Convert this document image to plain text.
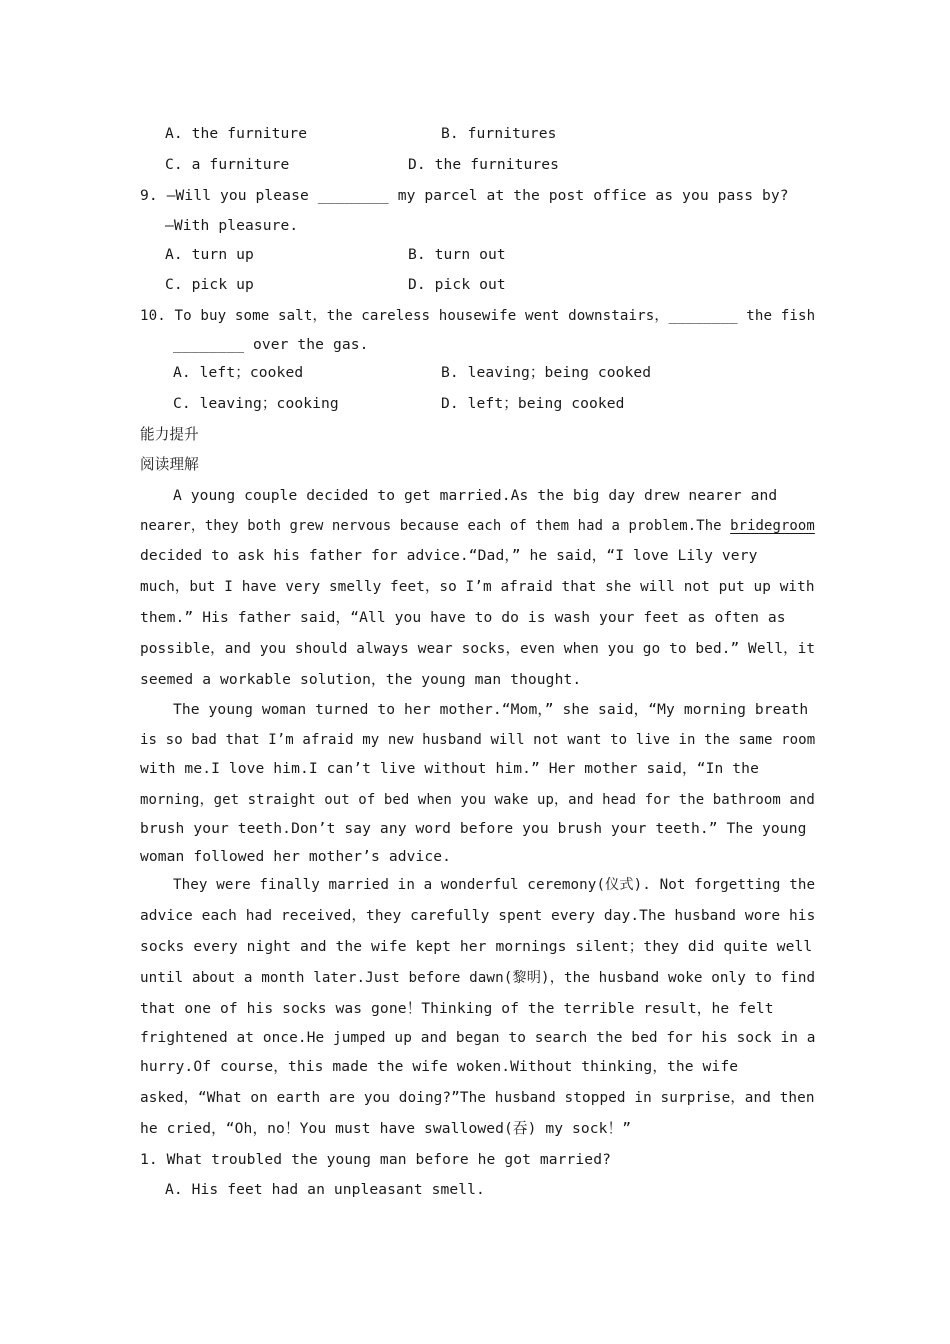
A. the furniture	B. furnitures
C. a furniture	D. the furnitures
9. —Will you please ________ my parcel at the post office as you pass by?
—With pleasure.
A. turn up	B. turn out
C. pick up	D. pick out
10. To buy some salt，the careless housewife went downstairs，________ the fish
________ over the gas.
A. left；cooked	B. leaving；being cooked
C. leaving；cooking	D. left；being cooked
能力提升
阅读理解
A young couple decided to get married.As the big day drew nearer and
nearer，they both grew nervous because each of them had a problem.The bridegroom
decided to ask his father for advice.“Dad，” he said，“I love Lily very
much，but I have very smelly feet，so I’m afraid that she will not put up with
them.” His father said，“All you have to do is wash your feet as often as
possible，and you should always wear socks，even when you go to bed.” Well，it
seemed a workable solution，the young man thought.
The young woman turned to her mother.“Mom，” she said，“My morning breath
is so bad that I’m afraid my new husband will not want to live in the same room
with me.I love him.I can’t live without him.” Her mother said，“In the
morning，get straight out of bed when you wake up，and head for the bathroom and
brush your teeth.Don’t say any word before you brush your teeth.” The young
woman followed her mother’s advice.
They were finally married in a wonderful ceremony(仪式). Not forgetting the
advice each had received，they carefully spent every day.The husband wore his
socks every night and the wife kept her mornings silent；they did quite well
until about a month later.Just before dawn(黎明)，the husband woke only to find
that one of his socks was gone！Thinking of the terrible result，he felt
frightened at once.He jumped up and began to search the bed for his sock in a
hurry.Of course，this made the wife woken.Without thinking，the wife
asked，“What on earth are you doing?”The husband stopped in surprise，and then
he cried，“Oh，no！You must have swallowed(吞) my sock！”
1. What troubled the young man before he got married?
A. His feet had an unpleasant smell.
